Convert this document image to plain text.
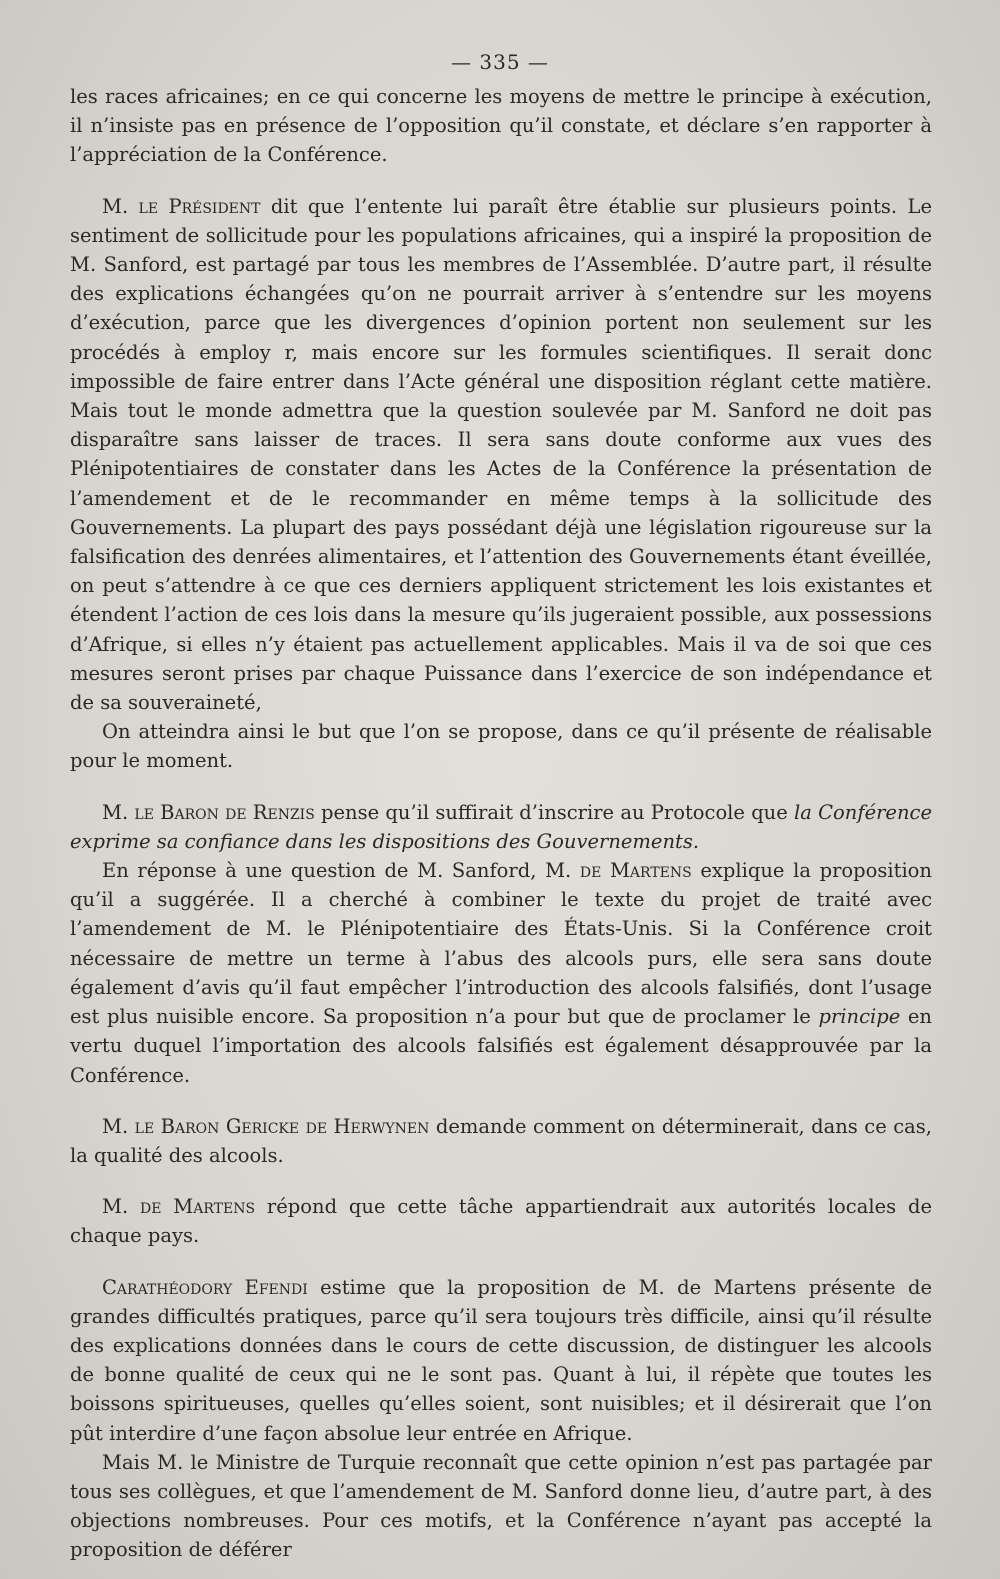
— 335 —

les races africaines; en ce qui concerne les moyens de mettre le principe à exécution, il n’insiste pas en présence de l’opposition qu’il constate, et déclare s’en rapporter à l’appréciation de la Conférence.

M. le Président dit que l’entente lui paraît être établie sur plusieurs points. Le sentiment de sollicitude pour les populations africaines, qui a inspiré la proposition de M. Sanford, est partagé par tous les membres de l’Assemblée. D’autre part, il résulte des explications échangées qu’on ne pourrait arriver à s’entendre sur les moyens d’exécution, parce que les divergences d’opinion portent non seulement sur les procédés à employ r, mais encore sur les formules scientifiques. Il serait donc impossible de faire entrer dans l’Acte général une disposition réglant cette matière. Mais tout le monde admettra que la question soulevée par M. Sanford ne doit pas disparaître sans laisser de traces. Il sera sans doute conforme aux vues des Plénipotentiaires de constater dans les Actes de la Conférence la présentation de l’amendement et de le recommander en même temps à la sollicitude des Gouvernements. La plupart des pays possédant déjà une législation rigoureuse sur la falsification des denrées alimentaires, et l’attention des Gouvernements étant éveillée, on peut s’attendre à ce que ces derniers appliquent strictement les lois existantes et étendent l’action de ces lois dans la mesure qu’ils jugeraient possible, aux possessions d’Afrique, si elles n’y étaient pas actuellement applicables. Mais il va de soi que ces mesures seront prises par chaque Puissance dans l’exercice de son indépendance et de sa souveraineté,

On atteindra ainsi le but que l’on se propose, dans ce qu’il présente de réalisable pour le moment.

M. le Baron de Renzis pense qu’il suffirait d’inscrire au Protocole que la Conférence exprime sa confiance dans les dispositions des Gouvernements.

En réponse à une question de M. Sanford, M. de Martens explique la proposition qu’il a suggérée. Il a cherché à combiner le texte du projet de traité avec l’amendement de M. le Plénipotentiaire des États-Unis. Si la Conférence croit nécessaire de mettre un terme à l’abus des alcools purs, elle sera sans doute également d’avis qu’il faut empêcher l’introduction des alcools falsifiés, dont l’usage est plus nuisible encore. Sa proposition n’a pour but que de proclamer le principe en vertu duquel l’importation des alcools falsifiés est également désapprouvée par la Conférence.

M. le Baron Gericke de Herwynen demande comment on déterminerait, dans ce cas, la qualité des alcools.

M. de Martens répond que cette tâche appartiendrait aux autorités locales de chaque pays.

Carathéodory Efendi estime que la proposition de M. de Martens présente de grandes difficultés pratiques, parce qu’il sera toujours très difficile, ainsi qu’il résulte des explications données dans le cours de cette discussion, de distinguer les alcools de bonne qualité de ceux qui ne le sont pas. Quant à lui, il répète que toutes les boissons spiritueuses, quelles qu’elles soient, sont nuisibles; et il désirerait que l’on pût interdire d’une façon absolue leur entrée en Afrique.

Mais M. le Ministre de Turquie reconnaît que cette opinion n’est pas partagée par tous ses collègues, et que l’amendement de M. Sanford donne lieu, d’autre part, à des objections nombreuses. Pour ces motifs, et la Conférence n’ayant pas accepté la proposition de déférer
